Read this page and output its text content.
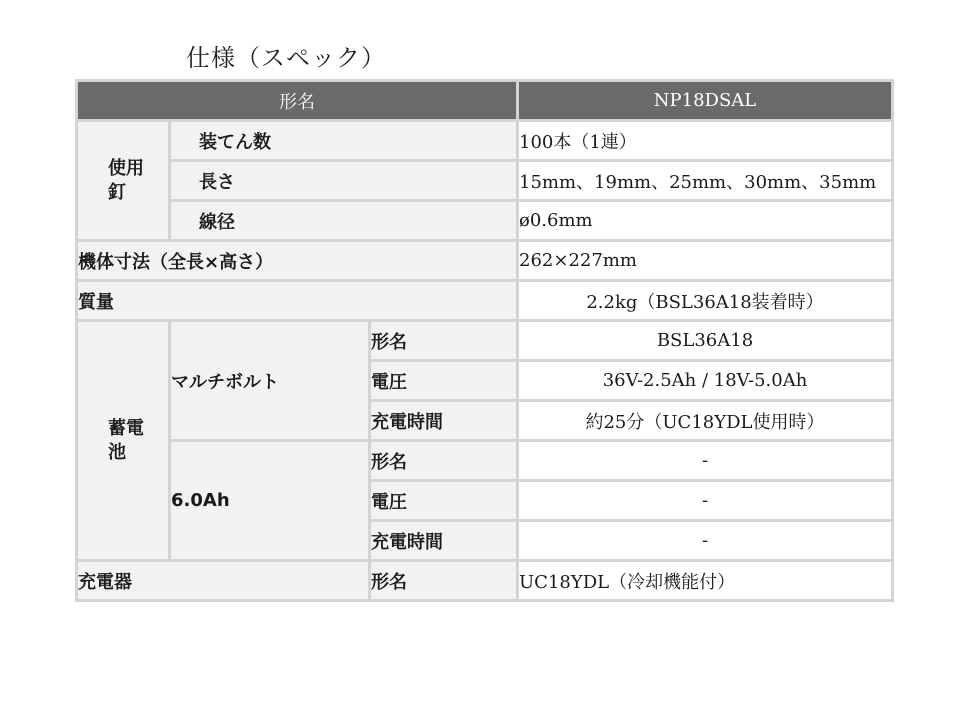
仕様（スペック）
形名			NP18DSAL

使用釘	装てん数		100本（1連）
	長さ		15mm、19mm、25mm、30mm、35mm
	線径		ø0.6mm
機体寸法（全長×高さ）			262×227mm
質量			2.2kg（BSL36A18装着時）

蓄電池	マルチボルト	形名	BSL36A18
		電圧	36V-2.5Ah / 18V-5.0Ah
		充電時間	約25分（UC18YDL使用時）
	6.0Ah	形名	-
		電圧	-
		充電時間	-
充電器		形名	UC18YDL（冷却機能付）
